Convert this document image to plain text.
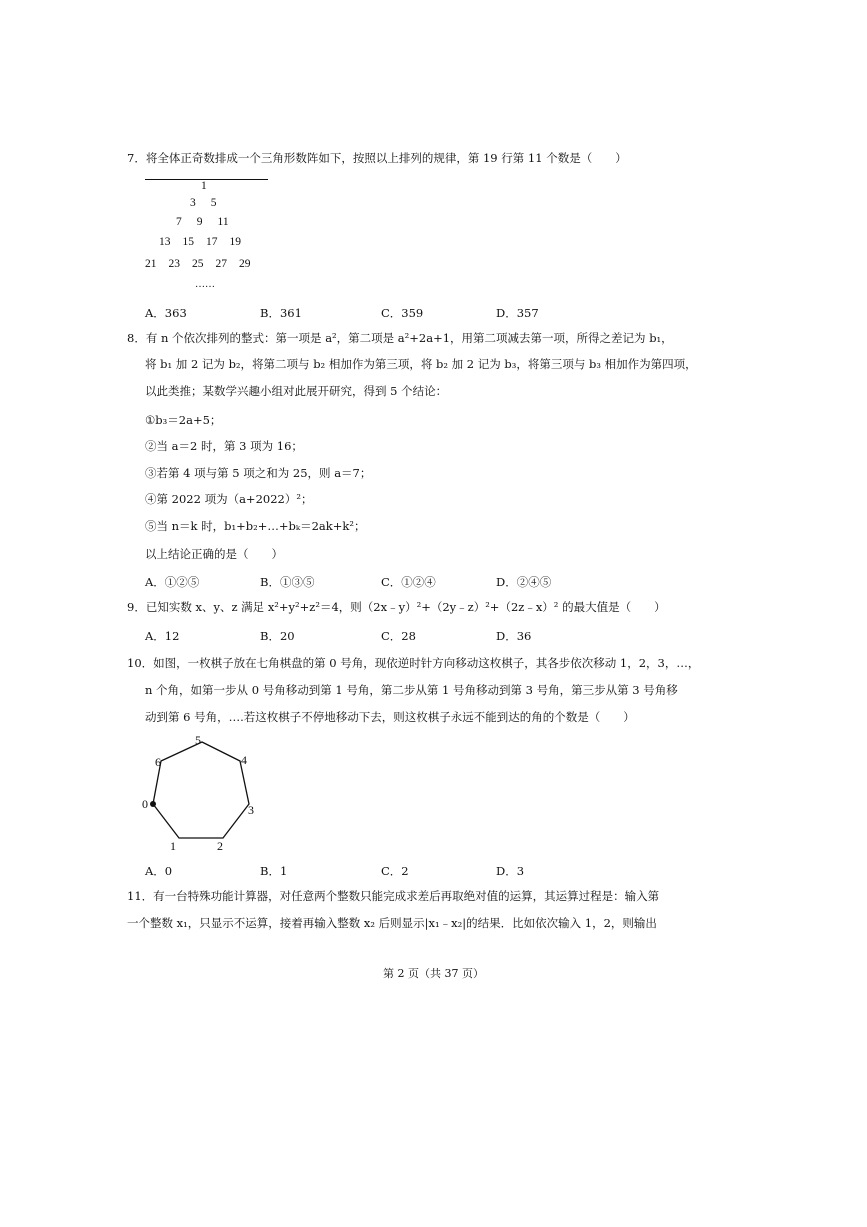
7．将全体正奇数排成一个三角形数阵如下，按照以上排列的规律，第 19 行第 11 个数是（　　）
1
3 5
7 9 11
13 15 17 19
21 23 25 27 29
……
A．363	B．361	C．359	D．357
8．有 n 个依次排列的整式：第一项是 a²，第二项是 a²+2a+1，用第二项减去第一项，所得之差记为 b₁，
将 b₁ 加 2 记为 b₂，将第二项与 b₂ 相加作为第三项，将 b₂ 加 2 记为 b₃，将第三项与 b₃ 相加作为第四项，
以此类推；某数学兴趣小组对此展开研究，得到 5 个结论：
①b₃＝2a+5；
②当 a＝2 时，第 3 项为 16；
③若第 4 项与第 5 项之和为 25，则 a＝7；
④第 2022 项为（a+2022）²；
⑤当 n＝k 时，b₁+b₂+…+bₖ＝2ak+k²；
以上结论正确的是（　　）
A．①②⑤	B．①③⑤	C．①②④	D．②④⑤
9．已知实数 x、y、z 满足 x²+y²+z²＝4，则（2x﹣y）²+（2y﹣z）²+（2z﹣x）² 的最大值是（　　）
A．12	B．20	C．28	D．36
10．如图，一枚棋子放在七角棋盘的第 0 号角，现依逆时针方向移动这枚棋子，其各步依次移动 1，2，3，…，
n 个角，如第一步从 0 号角移动到第 1 号角，第二步从第 1 号角移动到第 3 号角，第三步从第 3 号角移
动到第 6 号角，….若这枚棋子不停地移动下去，则这枚棋子永远不能到达的角的个数是（　　）
0
1	2
3
4
5
6
A．0	B．1	C．2	D．3
11．有一台特殊功能计算器，对任意两个整数只能完成求差后再取绝对值的运算，其运算过程是：输入第
一个整数 x₁，只显示不运算，接着再输入整数 x₂ 后则显示|x₁﹣x₂|的结果．比如依次输入 1，2，则输出
第 2 页（共 37 页）
